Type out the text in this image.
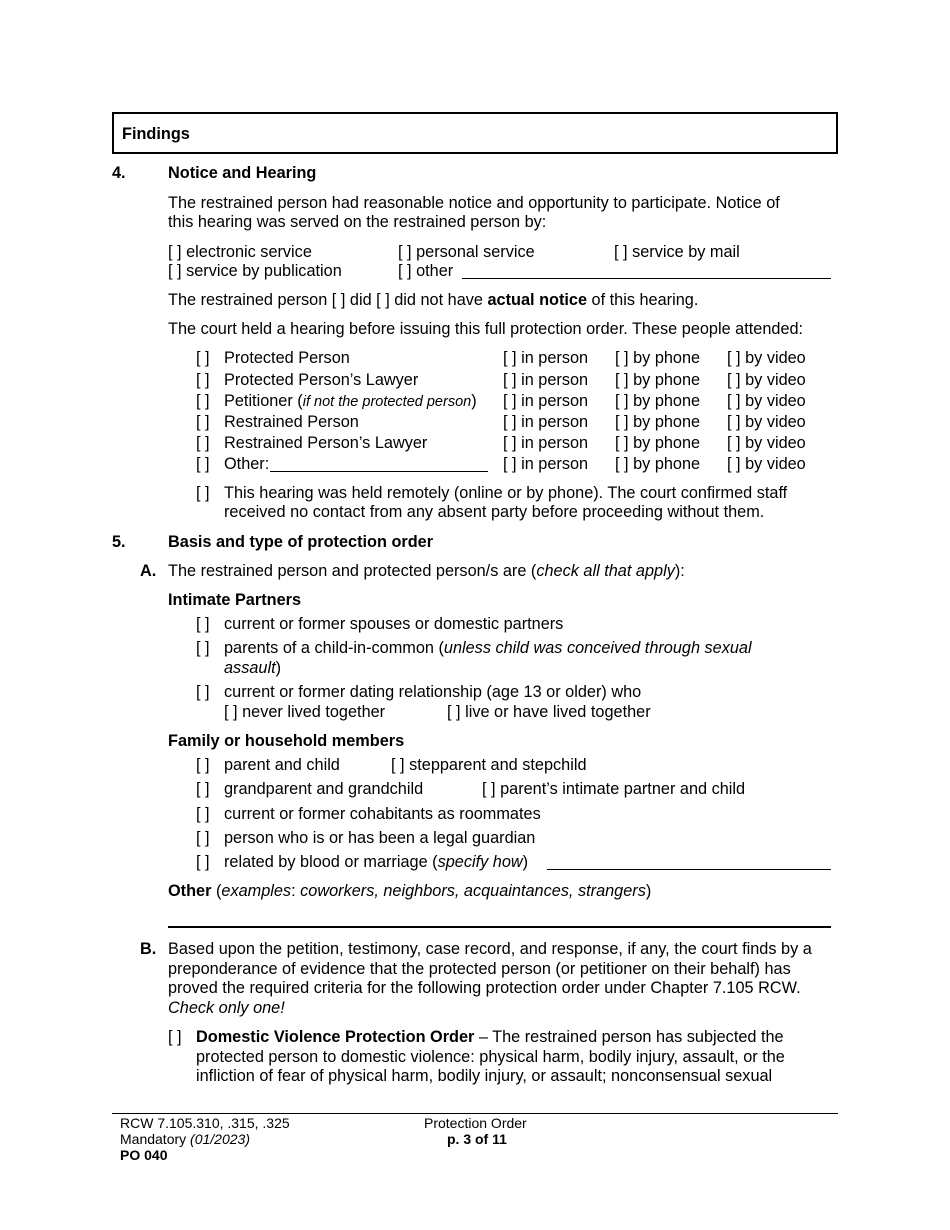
Findings
4.	Notice and Hearing
The restrained person had reasonable notice and opportunity to participate. Notice of
this hearing was served on the restrained person by:
[ ] electronic service	[ ] personal service	[ ] service by mail
[ ] service by publication	[ ] other
The restrained person [ ] did [ ] did not have actual notice of this hearing.
The court held a hearing before issuing this full protection order. These people attended:
[ ] Protected Person	[ ] in person [ ] by phone [ ] by video
[ ] Protected Person’s Lawyer	[ ] in person [ ] by phone [ ] by video
[ ] Petitioner (if not the protected person) [ ] in person [ ] by phone [ ] by video
[ ] Restrained Person	[ ] in person [ ] by phone [ ] by video
[ ] Restrained Person’s Lawyer	[ ] in person [ ] by phone [ ] by video
[ ] Other:	[ ] in person [ ] by phone [ ] by video
[ ] This hearing was held remotely (online or by phone). The court confirmed staff
received no contact from any absent party before proceeding without them.
5.	Basis and type of protection order
A. The restrained person and protected person/s are (check all that apply):
Intimate Partners
[ ] current or former spouses or domestic partners
[ ] parents of a child-in-common (unless child was conceived through sexual
assault)
[ ] current or former dating relationship (age 13 or older) who
[ ] never lived together	[ ] live or have lived together
Family or household members
[ ] parent and child	[ ] stepparent and stepchild
[ ] grandparent and grandchild	[ ] parent’s intimate partner and child
[ ] current or former cohabitants as roommates
[ ] person who is or has been a legal guardian
[ ] related by blood or marriage (specify how)
Other (examples: coworkers, neighbors, acquaintances, strangers)
B. Based upon the petition, testimony, case record, and response, if any, the court finds by a
preponderance of evidence that the protected person (or petitioner on their behalf) has
proved the required criteria for the following protection order under Chapter 7.105 RCW.
Check only one!
[ ] Domestic Violence Protection Order – The restrained person has subjected the
protected person to domestic violence: physical harm, bodily injury, assault, or the
infliction of fear of physical harm, bodily injury, or assault; nonconsensual sexual
RCW 7.105.310, .315, .325
Mandatory (01/2023)
PO 040
Protection Order
p. 3 of 11
